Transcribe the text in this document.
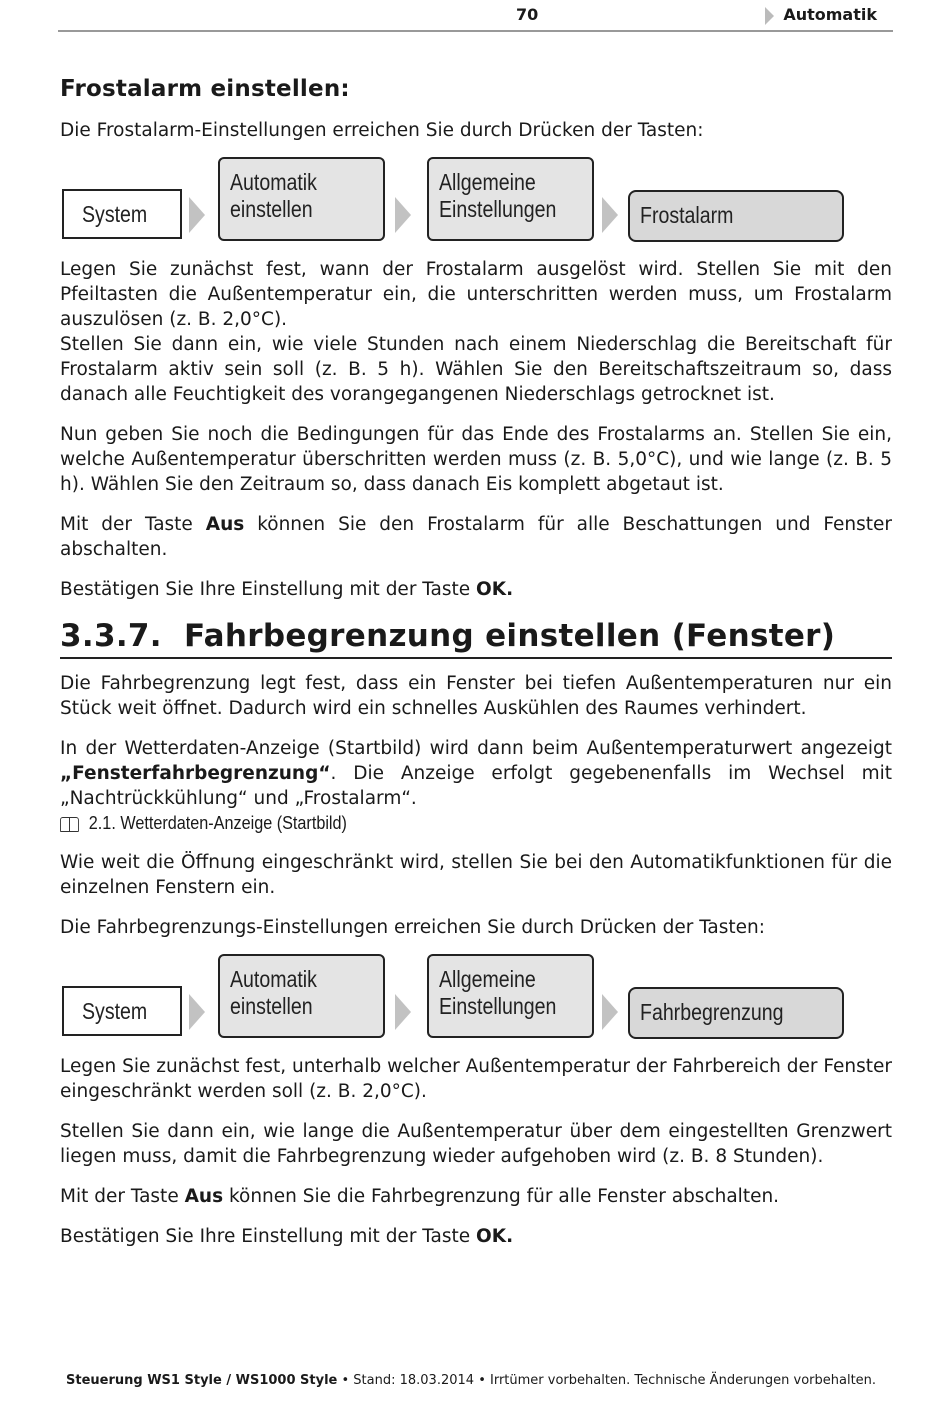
70	Automatik
Frostalarm einstellen:

Die Frostalarm-Einstellungen erreichen Sie durch Drücken der Tasten:

System
Automatik
einstellen
Allgemeine
Einstellungen	Frostalarm

Legen Sie zunächst fest, wann der Frostalarm ausgelöst wird. Stellen Sie mit den Pfeiltasten die Außentemperatur ein, die unterschritten werden muss, um Frostalarm auszulösen (z. B. 2,0°C).

Stellen Sie dann ein, wie viele Stunden nach einem Niederschlag die Bereitschaft für Frostalarm aktiv sein soll (z. B. 5 h). Wählen Sie den Bereitschaftszeitraum so, dass danach alle Feuchtigkeit des vorangegangenen Niederschlags getrocknet ist.

Nun geben Sie noch die Bedingungen für das Ende des Frostalarms an. Stellen Sie ein, welche Außentemperatur überschritten werden muss (z. B. 5,0°C), und wie lange (z. B. 5 h). Wählen Sie den Zeitraum so, dass danach Eis komplett abgetaut ist.

Mit der Taste Aus können Sie den Frostalarm für alle Beschattungen und Fenster abschalten.

Bestätigen Sie Ihre Einstellung mit der Taste OK.

3.3.7.  Fahrbegrenzung einstellen (Fenster)

Die Fahrbegrenzung legt fest, dass ein Fenster bei tiefen Außentemperaturen nur ein Stück weit öffnet. Dadurch wird ein schnelles Auskühlen des Raumes verhindert.

In der Wetterdaten-Anzeige (Startbild) wird dann beim Außentemperaturwert angezeigt „Fensterfahrbegrenzung“. Die Anzeige erfolgt gegebenenfalls im Wechsel mit „Nachtrückkühlung“ und „Frostalarm“.

2.1. Wetterdaten-Anzeige (Startbild)

Wie weit die Öffnung eingeschränkt wird, stellen Sie bei den Automatikfunktionen für die einzelnen Fenstern ein.

Die Fahrbegrenzungs-Einstellungen erreichen Sie durch Drücken der Tasten:

System
Automatik
einstellen
Allgemeine
Einstellungen	Fahrbegrenzung

Legen Sie zunächst fest, unterhalb welcher Außentemperatur der Fahrbereich der Fenster eingeschränkt werden soll (z. B. 2,0°C).

Stellen Sie dann ein, wie lange die Außentemperatur über dem eingestellten Grenzwert liegen muss, damit die Fahrbegrenzung wieder aufgehoben wird (z. B. 8 Stunden).

Mit der Taste Aus können Sie die Fahrbegrenzung für alle Fenster abschalten.

Bestätigen Sie Ihre Einstellung mit der Taste OK.

Steuerung WS1 Style / WS1000 Style • Stand: 18.03.2014 • Irrtümer vorbehalten. Technische Änderungen vorbehalten.
